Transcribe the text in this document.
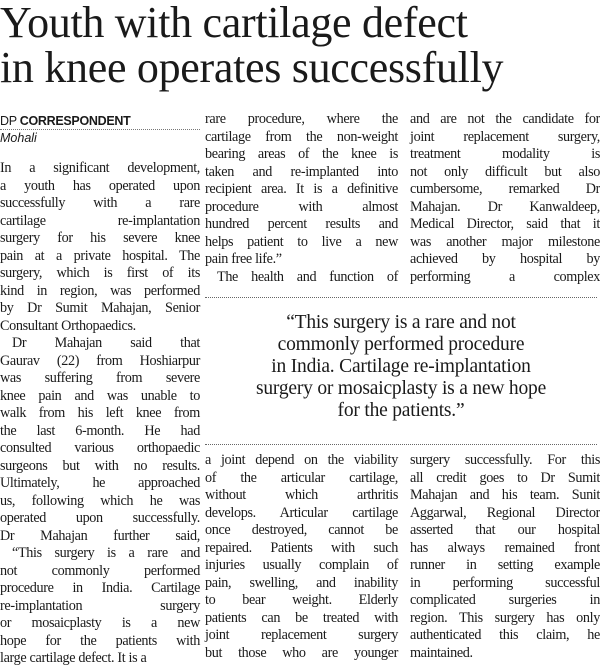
Youth with cartilage defect
in knee operates successfully
DP CORRESPONDENT
Mohali
In a significant development,
a youth has operated upon
successfully with a rare
cartilage re-implantation
surgery for his severe knee
pain at a private hospital. The
surgery, which is first of its
kind in region, was performed
by Dr Sumit Mahajan, Senior
Consultant Orthopaedics.
Dr Mahajan said that
Gaurav (22) from Hoshiarpur
was suffering from severe
knee pain and was unable to
walk from his left knee from
the last 6-month. He had
consulted various orthopaedic
surgeons but with no results.
Ultimately, he approached
us, following which he was
operated upon successfully.
Dr Mahajan further said,
“This surgery is a rare and
not commonly performed
procedure in India. Cartilage
re-implantation surgery
or mosaicplasty is a new
hope for the patients with
large cartilage defect. It is a
rare procedure, where the
cartilage from the non-weight
bearing areas of the knee is
taken and re-implanted into
recipient area. It is a definitive
procedure with almost
hundred percent results and
helps patient to live a new
pain free life.”
The health and function of
and are not the candidate for
joint replacement surgery,
treatment modality is
not only difficult but also
cumbersome, remarked Dr
Mahajan. Dr Kanwaldeep,
Medical Director, said that it
was another major milestone
achieved by hospital by
performing a complex
“This surgery is a rare and not
commonly performed procedure
in India. Cartilage re-implantation
surgery or mosaicplasty is a new hope
for the patients.”
a joint depend on the viability
of the articular cartilage,
without which arthritis
develops. Articular cartilage
once destroyed, cannot be
repaired. Patients with such
injuries usually complain of
pain, swelling, and inability
to bear weight. Elderly
patients can be treated with
joint replacement surgery
but those who are younger
surgery successfully. For this
all credit goes to Dr Sumit
Mahajan and his team. Sunit
Aggarwal, Regional Director
asserted that our hospital
has always remained front
runner in setting example
in performing successful
complicated surgeries in
region. This surgery has only
authenticated this claim, he
maintained.
